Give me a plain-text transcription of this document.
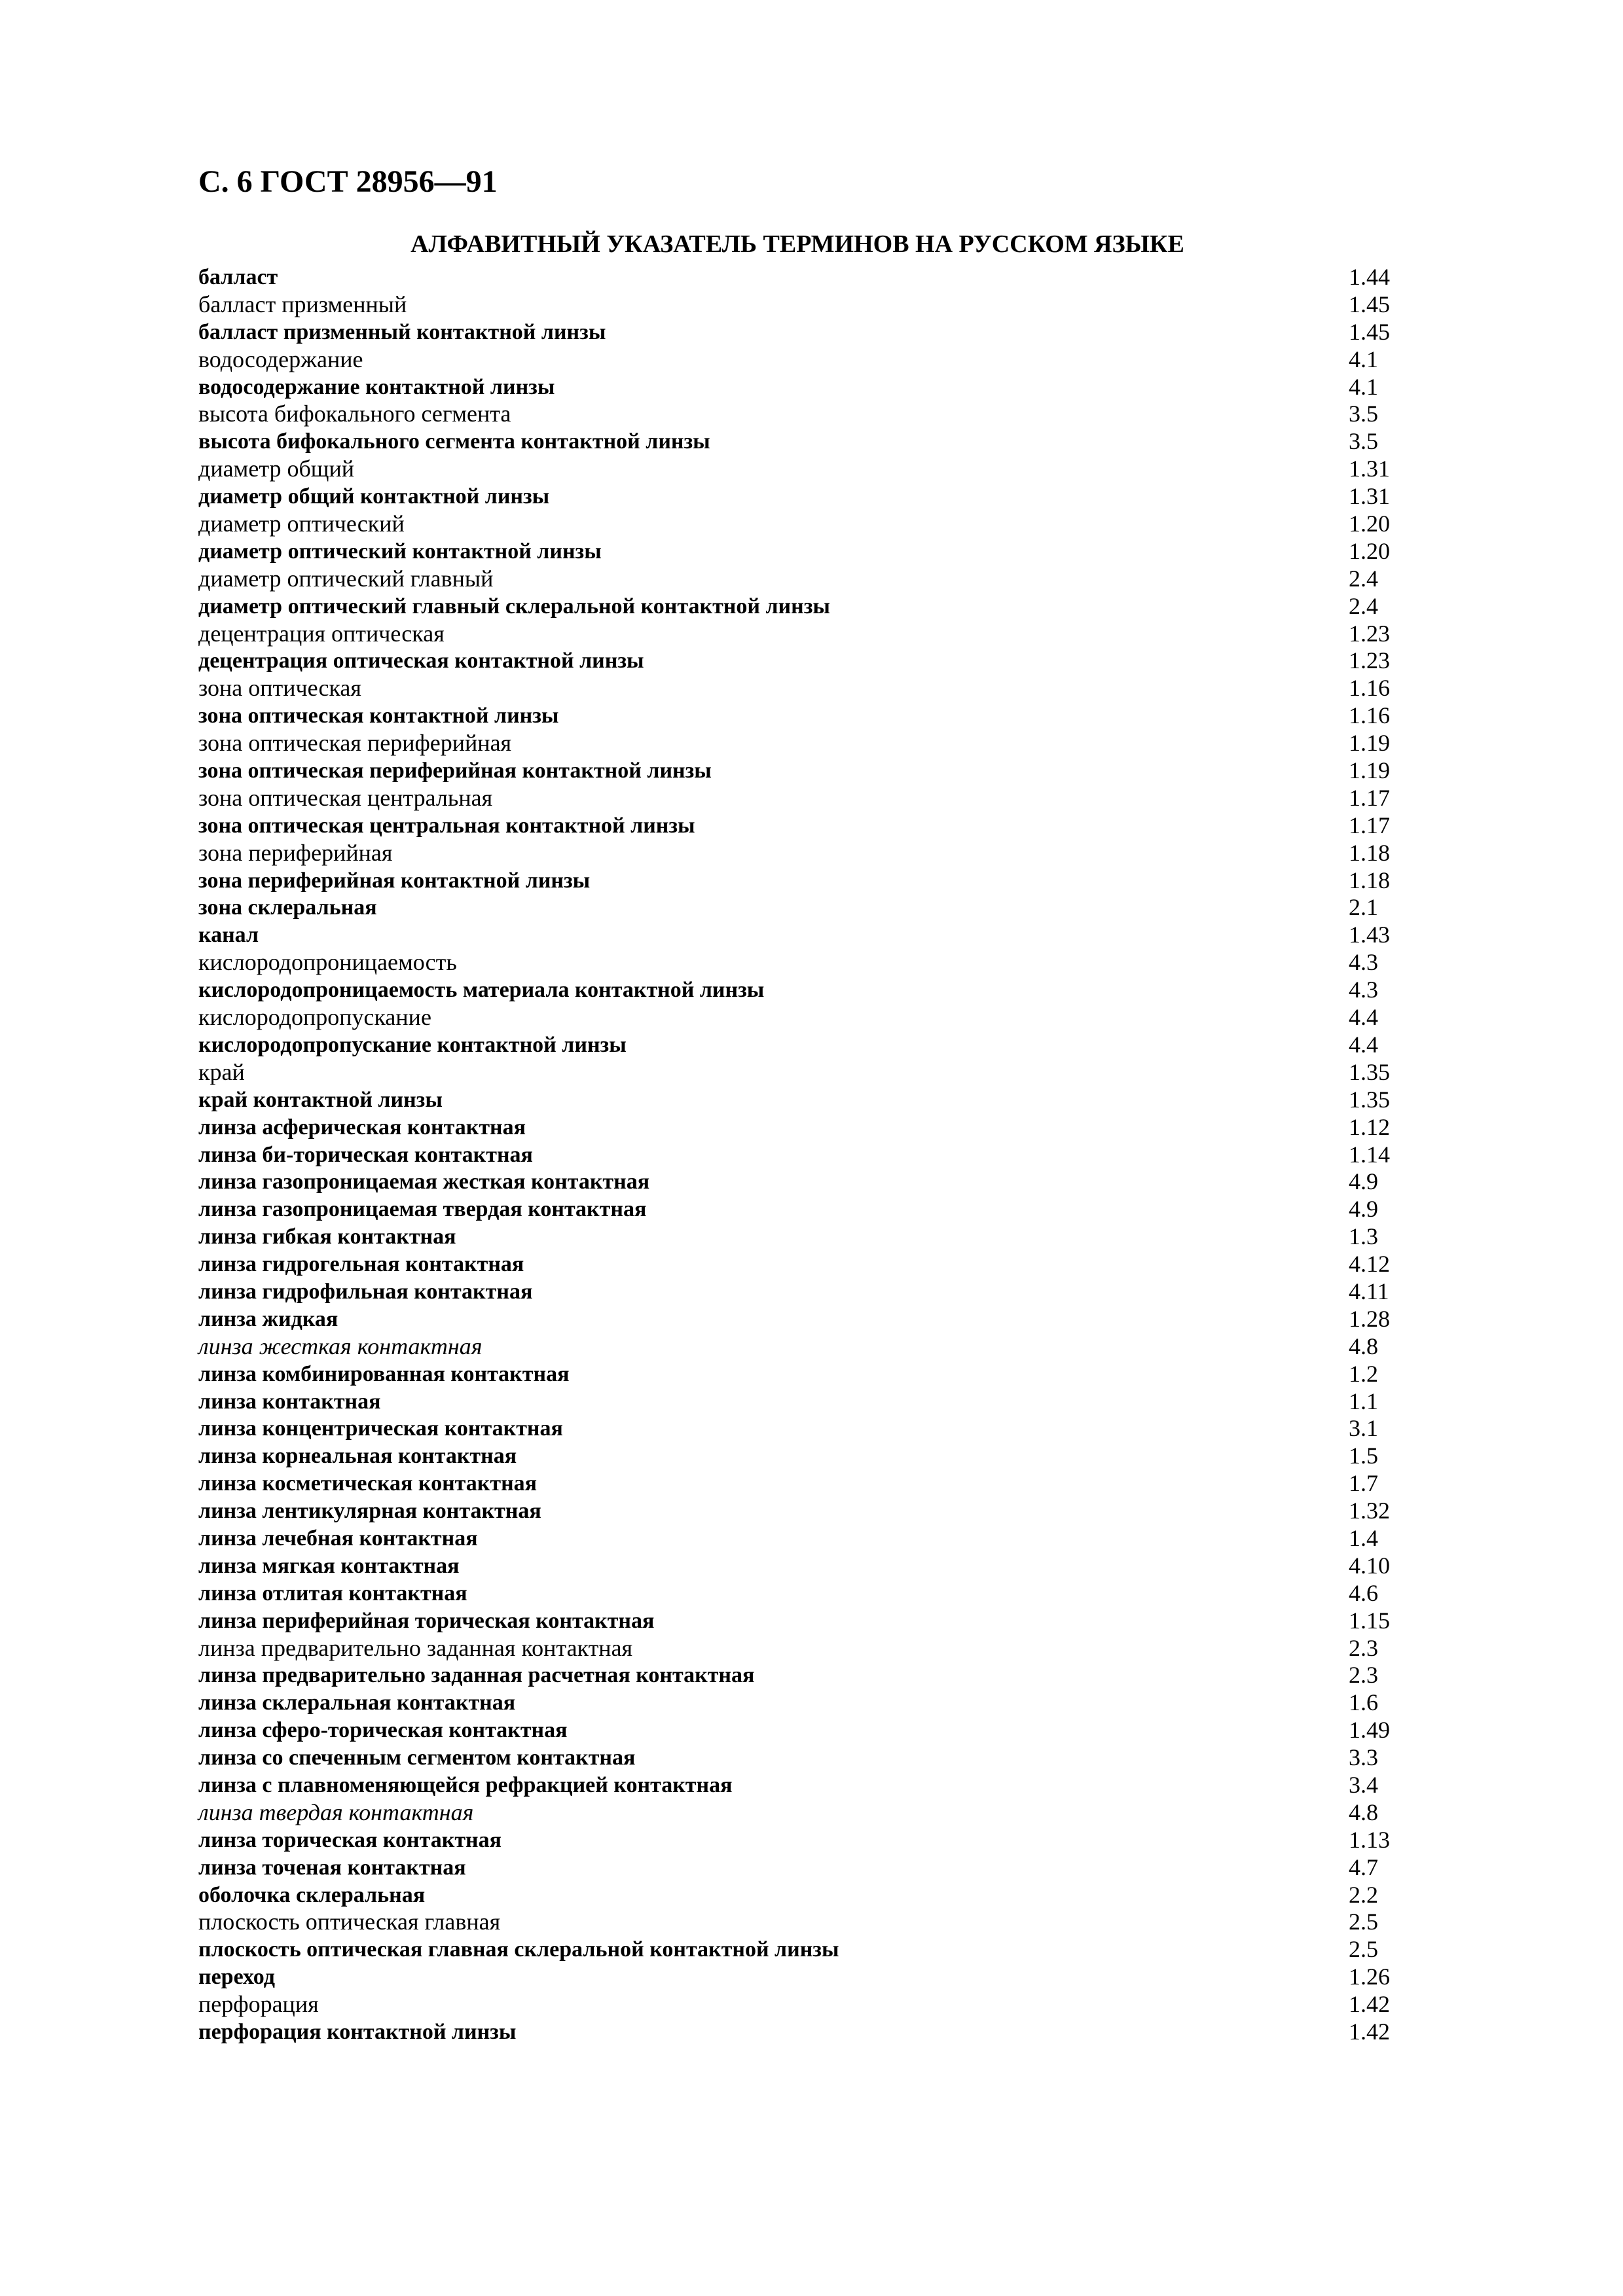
С. 6 ГОСТ 28956—91
АЛФАВИТНЫЙ УКАЗАТЕЛЬ ТЕРМИНОВ НА РУССКОМ ЯЗЫКЕ
балласт	1.44
балласт призменный	1.45
балласт призменный контактной линзы	1.45
водосодержание	4.1
водосодержание контактной линзы	4.1
высота бифокального сегмента	3.5
высота бифокального сегмента контактной линзы	3.5
диаметр общий	1.31
диаметр общий контактной линзы	1.31
диаметр оптический	1.20
диаметр оптический контактной линзы	1.20
диаметр оптический главный	2.4
диаметр оптический главный склеральной контактной линзы	2.4
децентрация оптическая	1.23
децентрация оптическая контактной линзы	1.23
зона оптическая	1.16
зона оптическая контактной линзы	1.16
зона оптическая периферийная	1.19
зона оптическая периферийная контактной линзы	1.19
зона оптическая центральная	1.17
зона оптическая центральная контактной линзы	1.17
зона периферийная	1.18
зона периферийная контактной линзы	1.18
зона склеральная	2.1
канал	1.43
кислородопроницаемость	4.3
кислородопроницаемость материала контактной линзы	4.3
кислородопропускание	4.4
кислородопропускание контактной линзы	4.4
край	1.35
край контактной линзы	1.35
линза асферическая контактная	1.12
линза би-торическая контактная	1.14
линза газопроницаемая жесткая контактная	4.9
линза газопроницаемая твердая контактная	4.9
линза гибкая контактная	1.3
линза гидрогельная контактная	4.12
линза гидрофильная контактная	4.11
линза жидкая	1.28
линза жесткая контактная	4.8
линза комбинированная контактная	1.2
линза контактная	1.1
линза концентрическая контактная	3.1
линза корнеальная контактная	1.5
линза косметическая контактная	1.7
линза лентикулярная контактная	1.32
линза лечебная контактная	1.4
линза мягкая контактная	4.10
линза отлитая контактная	4.6
линза периферийная торическая контактная	1.15
линза предварительно заданная контактная	2.3
линза предварительно заданная расчетная контактная	2.3
линза склеральная контактная	1.6
линза сферо-торическая контактная	1.49
линза со спеченным сегментом контактная	3.3
линза с плавноменяющейся рефракцией контактная	3.4
линза твердая контактная	4.8
линза торическая контактная	1.13
линза точеная контактная	4.7
оболочка склеральная	2.2
плоскость оптическая главная	2.5
плоскость оптическая главная склеральной контактной линзы	2.5
переход	1.26
перфорация	1.42
перфорация контактной линзы	1.42
